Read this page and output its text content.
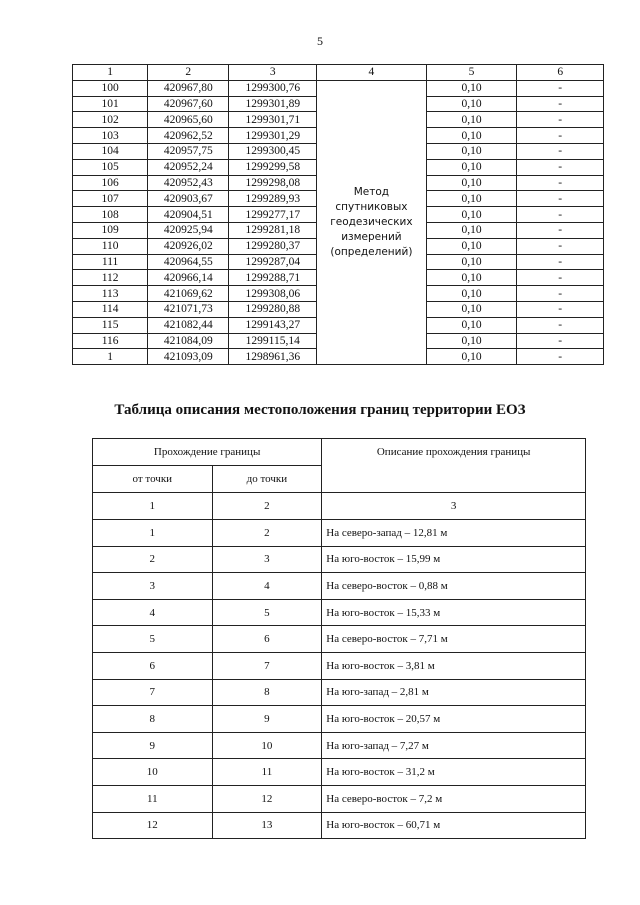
5
1	2	3	4	5	6
100	420967,80	1299300,76	Метод
спутниковых
геодезических
измерений
(определений)	0,10	-
101	420967,60	1299301,89		0,10	-
102	420965,60	1299301,71		0,10	-
103	420962,52	1299301,29		0,10	-
104	420957,75	1299300,45		0,10	-
105	420952,24	1299299,58		0,10	-
106	420952,43	1299298,08		0,10	-
107	420903,67	1299289,93		0,10	-
108	420904,51	1299277,17		0,10	-
109	420925,94	1299281,18		0,10	-
110	420926,02	1299280,37		0,10	-
111	420964,55	1299287,04		0,10	-
112	420966,14	1299288,71		0,10	-
113	421069,62	1299308,06		0,10	-
114	421071,73	1299280,88		0,10	-
115	421082,44	1299143,27		0,10	-
116	421084,09	1299115,14		0,10	-
1	421093,09	1298961,36		0,10	-
Таблица описания местоположения границ территории ЕОЗ
Прохождение границы		Описание прохождения границы
от точки	до точки	
1	2	3
1	2	На северо-запад – 12,81 м
2	3	На юго-восток – 15,99 м
3	4	На северо-восток – 0,88 м
4	5	На юго-восток – 15,33 м
5	6	На северо-восток – 7,71 м
6	7	На юго-восток – 3,81 м
7	8	На юго-запад – 2,81 м
8	9	На юго-восток – 20,57 м
9	10	На юго-запад – 7,27 м
10	11	На юго-восток – 31,2 м
11	12	На северо-восток – 7,2 м
12	13	На юго-восток – 60,71 м
